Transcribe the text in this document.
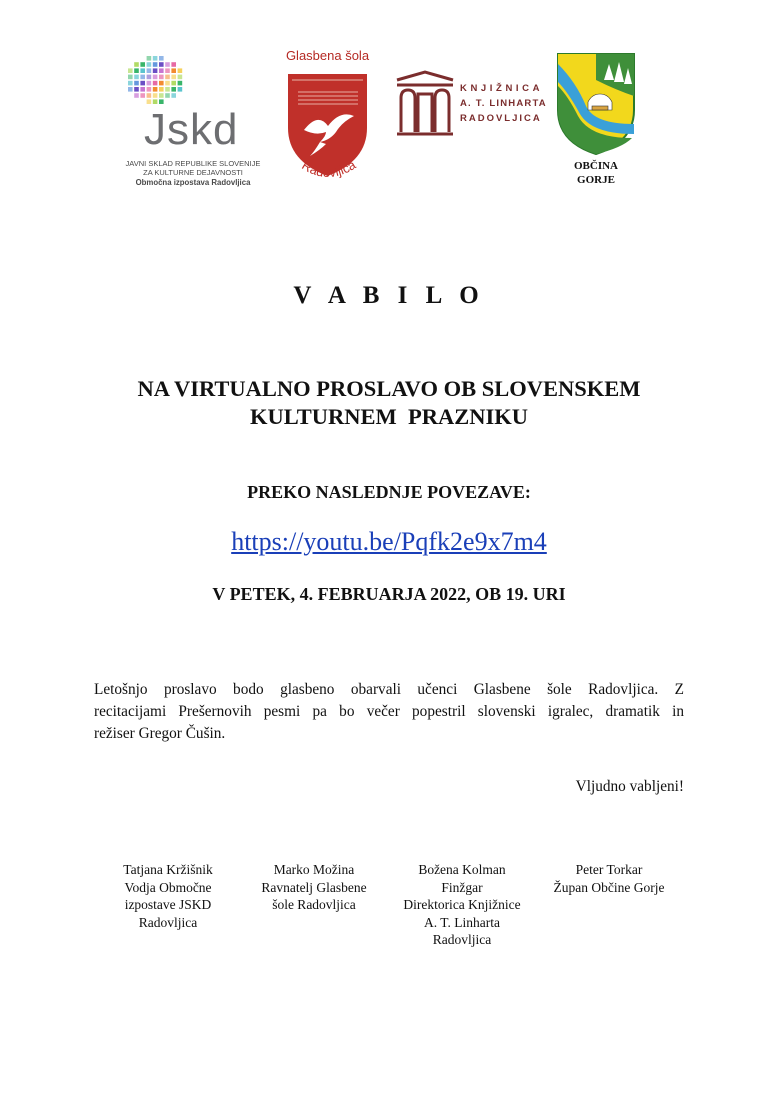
Jskd
JAVNI SKLAD REPUBLIKE SLOVENIJE
ZA KULTURNE DEJAVNOSTI
Območna izpostava Radovljica
Glasbena šola
Radovljica
KNJIŽNICA
A. T. LINHARTA
RADOVLJICA
OBČINA
GORJE
V A B I L O
NA VIRTUALNO PROSLAVO OB SLOVENSKEM
KULTURNEM  PRAZNIKU
PREKO NASLEDNJE POVEZAVE:
https://youtu.be/Pqfk2e9x7m4
V PETEK, 4. FEBRUARJA 2022, OB 19. URI
Letošnjo proslavo bodo glasbeno obarvali učenci Glasbene šole Radovljica. Z
recitacijami Prešernovih pesmi pa bo večer popestril slovenski igralec, dramatik in
režiser Gregor Čušin.
Vljudno vabljeni!
Tatjana Kržišnik
Vodja Območne
izpostave JSKD
Radovljica
Marko Možina
Ravnatelj Glasbene
šole Radovljica
Božena Kolman
Finžgar
Direktorica Knjižnice
A. T. Linharta
Radovljica
Peter Torkar
Župan Občine Gorje
